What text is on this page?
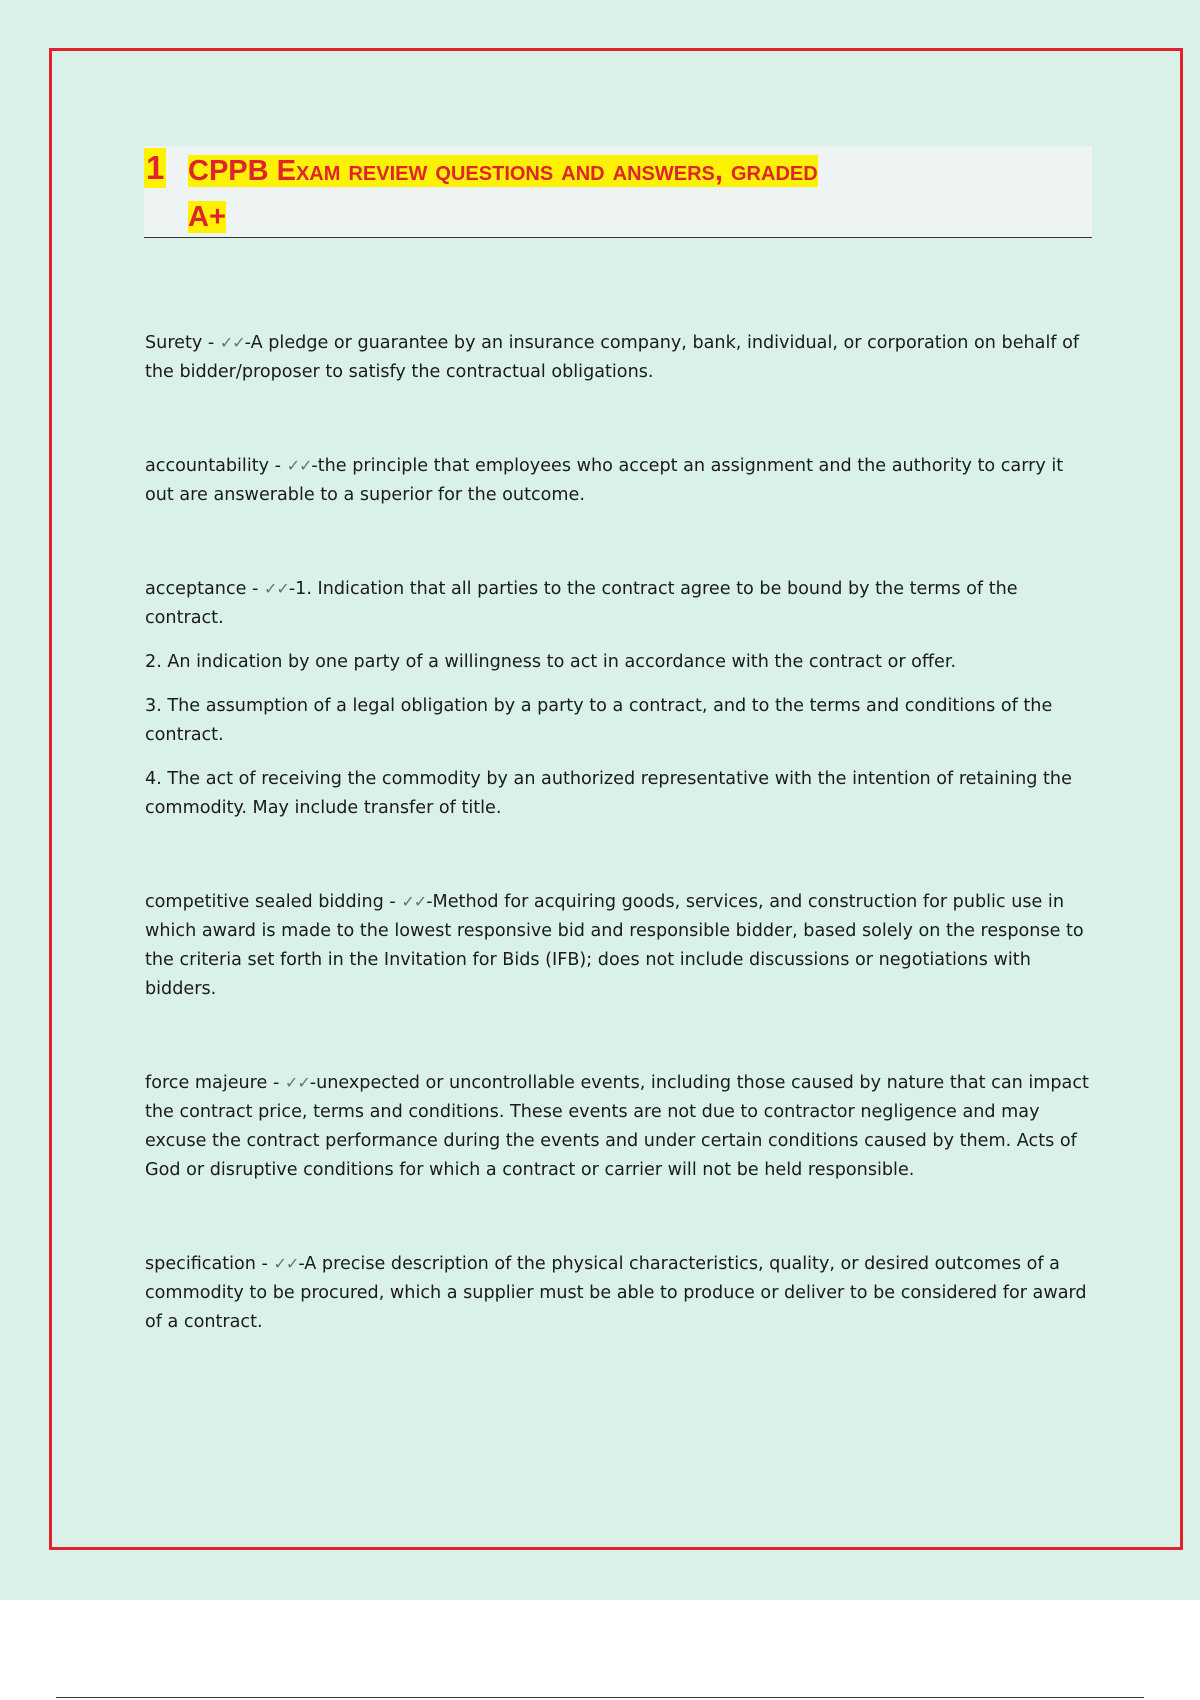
1 CPPB Exam review questions and answers, graded
A+

Surety - ✓✓-A pledge or guarantee by an insurance company, bank, individual, or corporation on behalf of the bidder/proposer to satisfy the contractual obligations.

accountability - ✓✓-the principle that employees who accept an assignment and the authority to carry it out are answerable to a superior for the outcome.

acceptance - ✓✓-1. Indication that all parties to the contract agree to be bound by the terms of the contract.

2. An indication by one party of a willingness to act in accordance with the contract or offer.

3. The assumption of a legal obligation by a party to a contract, and to the terms and conditions of the contract.

4. The act of receiving the commodity by an authorized representative with the intention of retaining the commodity. May include transfer of title.

competitive sealed bidding - ✓✓-Method for acquiring goods, services, and construction for public use in which award is made to the lowest responsive bid and responsible bidder, based solely on the response to the criteria set forth in the Invitation for Bids (IFB); does not include discussions or negotiations with bidders.

force majeure - ✓✓-unexpected or uncontrollable events, including those caused by nature that can impact the contract price, terms and conditions. These events are not due to contractor negligence and may excuse the contract performance during the events and under certain conditions caused by them. Acts of God or disruptive conditions for which a contract or carrier will not be held responsible.

specification - ✓✓-A precise description of the physical characteristics, quality, or desired outcomes of a commodity to be procured, which a supplier must be able to produce or deliver to be considered for award of a contract.
